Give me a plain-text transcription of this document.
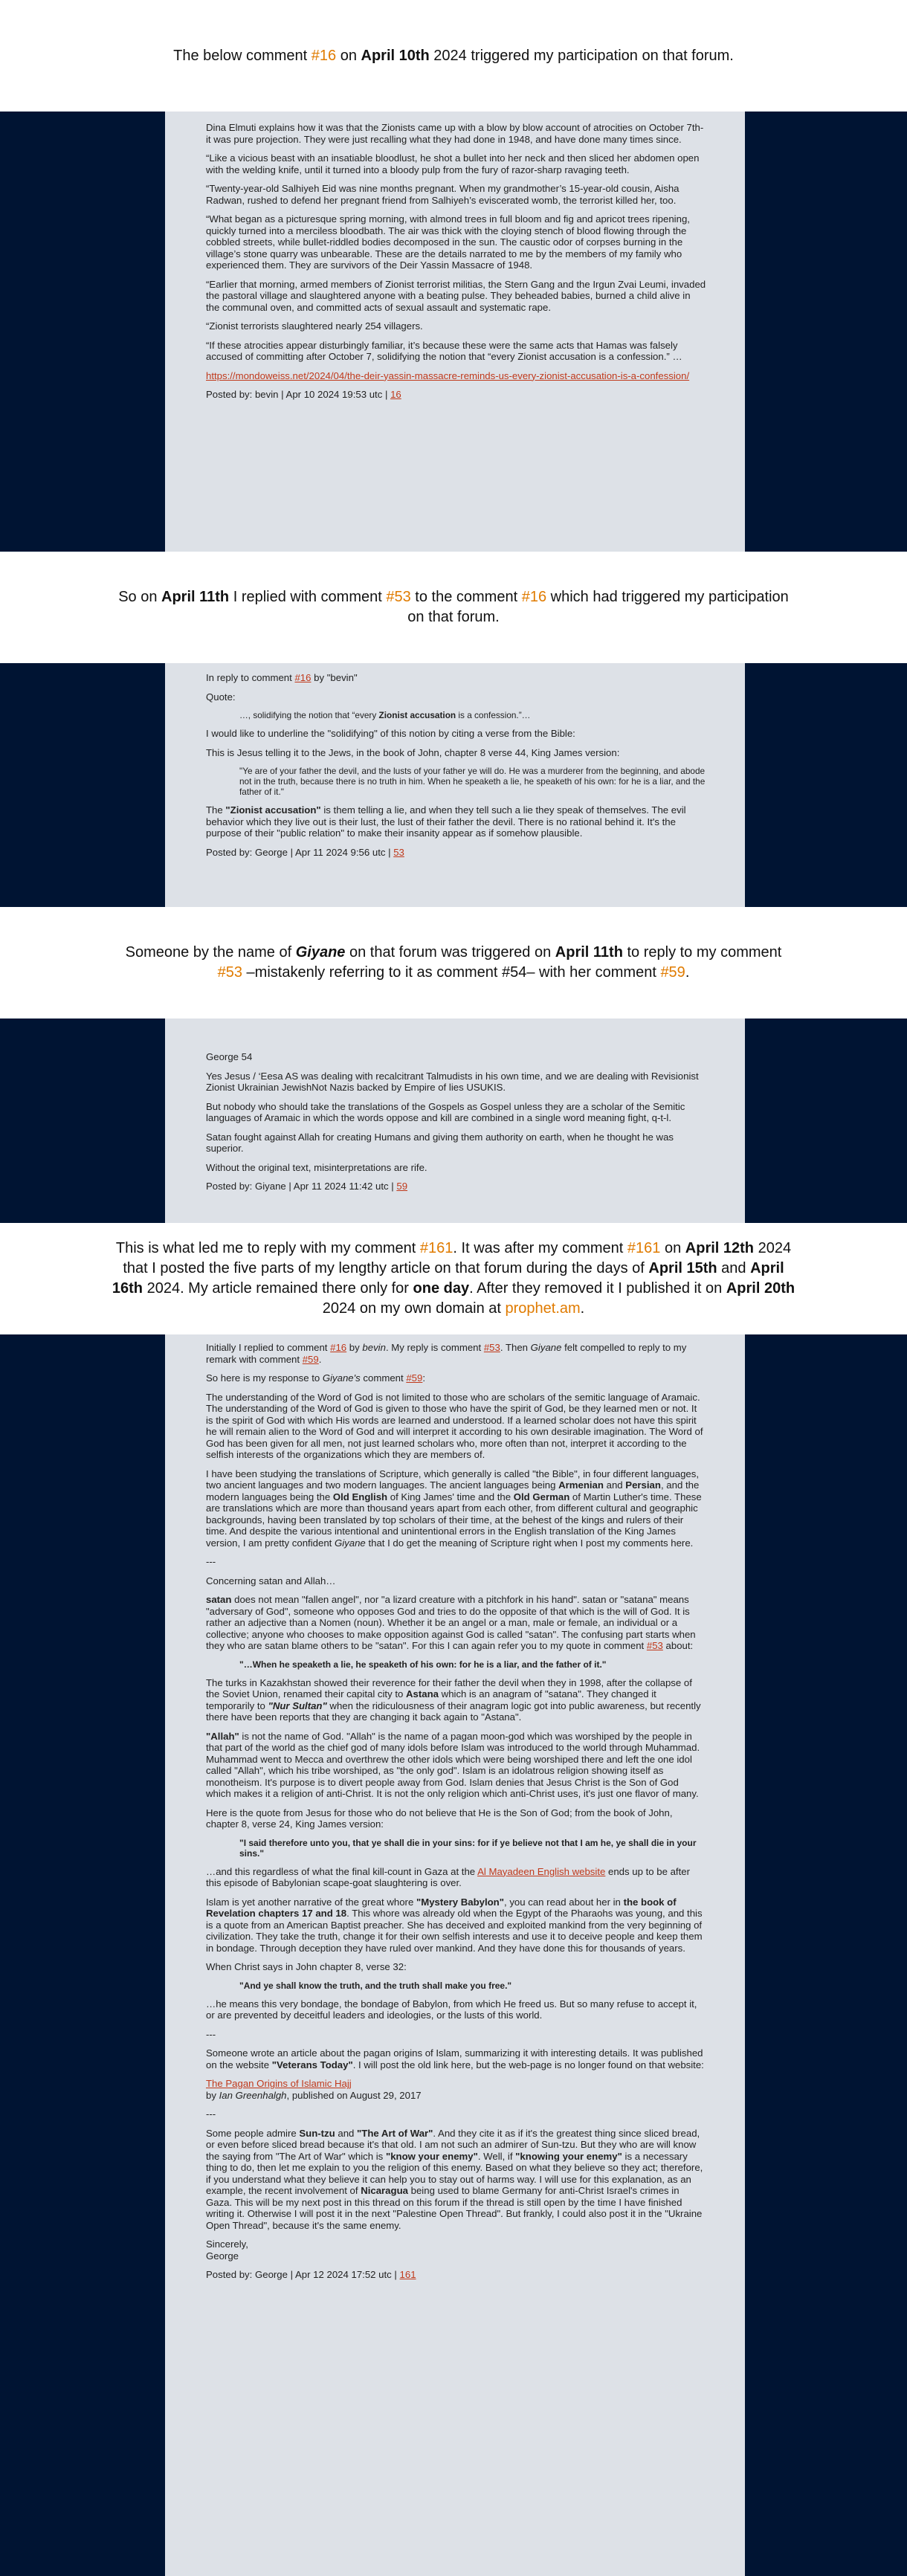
The below comment #16 on April 10th 2024 triggered my participation on that forum.

Dina Elmuti explains how it was that the Zionists came up with a blow by blow account of atrocities on October 7th- it was pure projection. They were just recalling what they had done in 1948, and have done many times since.

“Like a vicious beast with an insatiable bloodlust, he shot a bullet into her neck and then sliced her abdomen open with the welding knife, until it turned into a bloody pulp from the fury of razor-sharp ravaging teeth.

“Twenty-year-old Salhiyeh Eid was nine months pregnant. When my grandmother’s 15-year-old cousin, Aisha Radwan, rushed to defend her pregnant friend from Salhiyeh’s eviscerated womb, the terrorist killed her, too.

“What began as a picturesque spring morning, with almond trees in full bloom and fig and apricot trees ripening, quickly turned into a merciless bloodbath. The air was thick with the cloying stench of blood flowing through the cobbled streets, while bullet-riddled bodies decomposed in the sun. The caustic odor of corpses burning in the village’s stone quarry was unbearable. These are the details narrated to me by the members of my family who experienced them. They are survivors of the Deir Yassin Massacre of 1948.

“Earlier that morning, armed members of Zionist terrorist militias, the Stern Gang and the Irgun Zvai Leumi, invaded the pastoral village and slaughtered anyone with a beating pulse. They beheaded babies, burned a child alive in the communal oven, and committed acts of sexual assault and systematic rape.

“Zionist terrorists slaughtered nearly 254 villagers.

“If these atrocities appear disturbingly familiar, it’s because these were the same acts that Hamas was falsely accused of committing after October 7, solidifying the notion that “every Zionist accusation is a confession.” …

https://mondoweiss.net/2024/04/the-deir-yassin-massacre-reminds-us-every-zionist-accusation-is-a-confession/

Posted by: bevin | Apr 10 2024 19:53 utc | 16

So on April 11th I replied with comment #53 to the comment #16 which had triggered my participation on that forum.

In reply to comment #16 by "bevin"

Quote:

…, solidifying the notion that “every Zionist accusation is a confession.”…

I would like to underline the "solidifying" of this notion by citing a verse from the Bible:

This is Jesus telling it to the Jews, in the book of John, chapter 8 verse 44, King James version:

"Ye are of your father the devil, and the lusts of your father ye will do. He was a murderer from the beginning, and abode not in the truth, because there is no truth in him. When he speaketh a lie, he speaketh of his own: for he is a liar, and the father of it."

The "Zionist accusation" is them telling a lie, and when they tell such a lie they speak of themselves. The evil behavior which they live out is their lust, the lust of their father the devil. There is no rational behind it. It's the purpose of their "public relation" to make their insanity appear as if somehow plausible.

Posted by: George | Apr 11 2024 9:56 utc | 53

Someone by the name of Giyane on that forum was triggered on April 11th to reply to my comment #53 –mistakenly referring to it as comment #54– with her comment #59.

George 54

Yes Jesus / ‘Eesa AS was dealing with recalcitrant Talmudists in his own time, and we are dealing with Revisionist Zionist Ukrainian JewishNot Nazis backed by Empire of lies USUKIS.

But nobody who should take the translations of the Gospels as Gospel unless they are a scholar of the Semitic languages of Aramaic in which the words oppose and kill are combined in a single word meaning fight, q-t-l.

Satan fought against Allah for creating Humans and giving them authority on earth, when he thought he was superior.

Without the original text, misinterpretations are rife.

Posted by: Giyane | Apr 11 2024 11:42 utc | 59

This is what led me to reply with my comment #161. It was after my comment #161 on April 12th 2024 that I posted the five parts of my lengthy article on that forum during the days of April 15th and April 16th 2024. My article remained there only for one day. After they removed it I published it on April 20th 2024 on my own domain at prophet.am.

Initially I replied to comment #16 by bevin. My reply is comment #53. Then Giyane felt compelled to reply to my remark with comment #59.

So here is my response to Giyane's comment #59:

The understanding of the Word of God is not limited to those who are scholars of the semitic language of Aramaic. The understanding of the Word of God is given to those who have the spirit of God, be they learned men or not. It is the spirit of God with which His words are learned and understood. If a learned scholar does not have this spirit he will remain alien to the Word of God and will interpret it according to his own desirable imagination. The Word of God has been given for all men, not just learned scholars who, more often than not, interpret it according to the selfish interests of the organizations which they are members of.

I have been studying the translations of Scripture, which generally is called "the Bible", in four different languages, two ancient languages and two modern languages. The ancient languages being Armenian and Persian, and the modern languages being the Old English of King James' time and the Old German of Martin Luther's time. These are translations which are more than thousand years apart from each other, from different cultural and geographic backgrounds, having been translated by top scholars of their time, at the behest of the kings and rulers of their time. And despite the various intentional and unintentional errors in the English translation of the King James version, I am pretty confident Giyane that I do get the meaning of Scripture right when I post my comments here.

---

Concerning satan and Allah…

satan does not mean "fallen angel", nor "a lizard creature with a pitchfork in his hand". satan or "satana" means "adversary of God", someone who opposes God and tries to do the opposite of that which is the will of God. It is rather an adjective than a Nomen (noun). Whether it be an angel or a man, male or female, an individual or a collective; anyone who chooses to make opposition against God is called "satan". The confusing part starts when they who are satan blame others to be "satan". For this I can again refer you to my quote in comment #53 about:

"…When he speaketh a lie, he speaketh of his own: for he is a liar, and the father of it."

The turks in Kazakhstan showed their reverence for their father the devil when they in 1998, after the collapse of the Soviet Union, renamed their capital city to Astana which is an anagram of "satana". They changed it temporarily to "Nur Sultan" when the ridiculousness of their anagram logic got into public awareness, but recently there have been reports that they are changing it back again to "Astana".

"Allah" is not the name of God. "Allah" is the name of a pagan moon-god which was worshiped by the people in that part of the world as the chief god of many idols before Islam was introduced to the world through Muhammad. Muhammad went to Mecca and overthrew the other idols which were being worshiped there and left the one idol called "Allah", which his tribe worshiped, as "the only god". Islam is an idolatrous religion showing itself as monotheism. It's purpose is to divert people away from God. Islam denies that Jesus Christ is the Son of God which makes it a religion of anti-Christ. It is not the only religion which anti-Christ uses, it's just one flavor of many.

Here is the quote from Jesus for those who do not believe that He is the Son of God; from the book of John, chapter 8, verse 24, King James version:

"I said therefore unto you, that ye shall die in your sins: for if ye believe not that I am he, ye shall die in your sins."

…and this regardless of what the final kill-count in Gaza at the Al Mayadeen English website ends up to be after this episode of Babylonian scape-goat slaughtering is over.

Islam is yet another narrative of the great whore "Mystery Babylon", you can read about her in the book of Revelation chapters 17 and 18. This whore was already old when the Egypt of the Pharaohs was young, and this is a quote from an American Baptist preacher. She has deceived and exploited mankind from the very beginning of civilization. They take the truth, change it for their own selfish interests and use it to deceive people and keep them in bondage. Through deception they have ruled over mankind. And they have done this for thousands of years.

When Christ says in John chapter 8, verse 32:

"And ye shall know the truth, and the truth shall make you free."

…he means this very bondage, the bondage of Babylon, from which He freed us. But so many refuse to accept it, or are prevented by deceitful leaders and ideologies, or the lusts of this world.

---

Someone wrote an article about the pagan origins of Islam, summarizing it with interesting details. It was published on the website "Veterans Today". I will post the old link here, but the web-page is no longer found on that website:

The Pagan Origins of Islamic Hajj
by Ian Greenhalgh, published on August 29, 2017

---

Some people admire Sun-tzu and "The Art of War". And they cite it as if it's the greatest thing since sliced bread, or even before sliced bread because it's that old. I am not such an admirer of Sun-tzu. But they who are will know the saying from "The Art of War" which is "know your enemy". Well, if "knowing your enemy" is a necessary thing to do, then let me explain to you the religion of this enemy. Based on what they believe so they act; therefore, if you understand what they believe it can help you to stay out of harms way. I will use for this explanation, as an example, the recent involvement of Nicaragua being used to blame Germany for anti-Christ Israel's crimes in Gaza. This will be my next post in this thread on this forum if the thread is still open by the time I have finished writing it. Otherwise I will post it in the next "Palestine Open Thread". But frankly, I could also post it in the "Ukraine Open Thread", because it's the same enemy.

Sincerely,
George

Posted by: George | Apr 12 2024 17:52 utc | 161
